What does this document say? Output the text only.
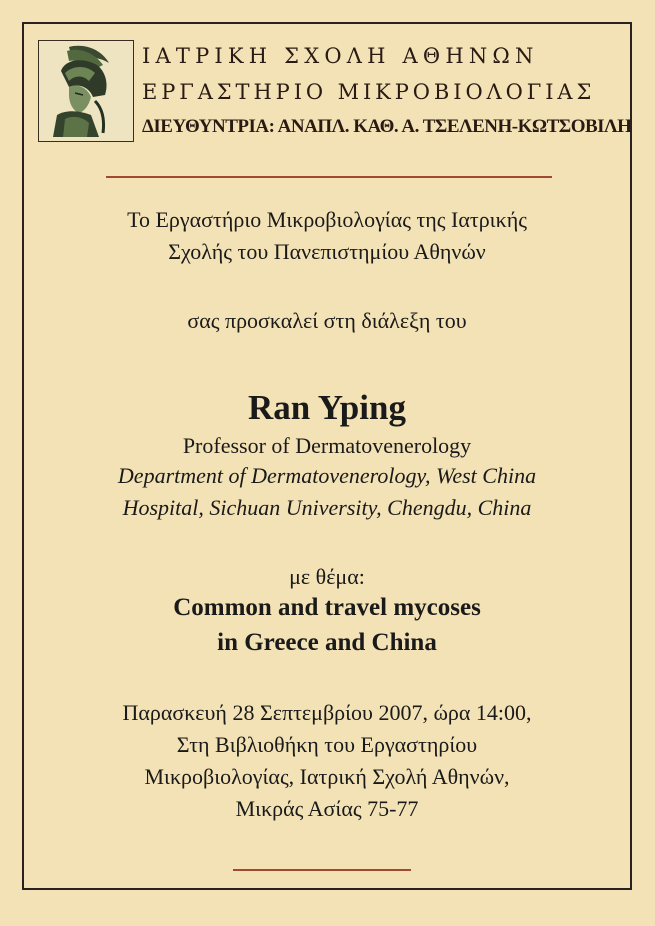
ΙΑΤΡΙΚΗ ΣΧΟΛΗ ΑΘΗΝΩΝ
ΕΡΓΑΣΤΗΡΙΟ ΜΙΚΡΟΒΙΟΛΟΓΙΑΣ
ΔΙΕΥΘΥΝΤΡΙΑ: ΑΝΑΠΛ. ΚΑΘ. Α. ΤΣΕΛΕΝΗ-ΚΩΤΣΟΒΙΛΗ
Το Εργαστήριο Μικροβιολογίας της Ιατρικής
Σχολής του Πανεπιστημίου Αθηνών
σας προσκαλεί στη διάλεξη του
Ran Yping
Professor of Dermatovenerology
Department of Dermatovenerology, West China
Hospital, Sichuan University, Chengdu, China
με θέμα:
Common and travel mycoses
in Greece and China
Παρασκευή 28 Σεπτεμβρίου 2007, ώρα 14:00,
Στη Βιβλιοθήκη του Εργαστηρίου
Μικροβιολογίας, Ιατρική Σχολή Αθηνών,
Μικράς Ασίας 75-77
